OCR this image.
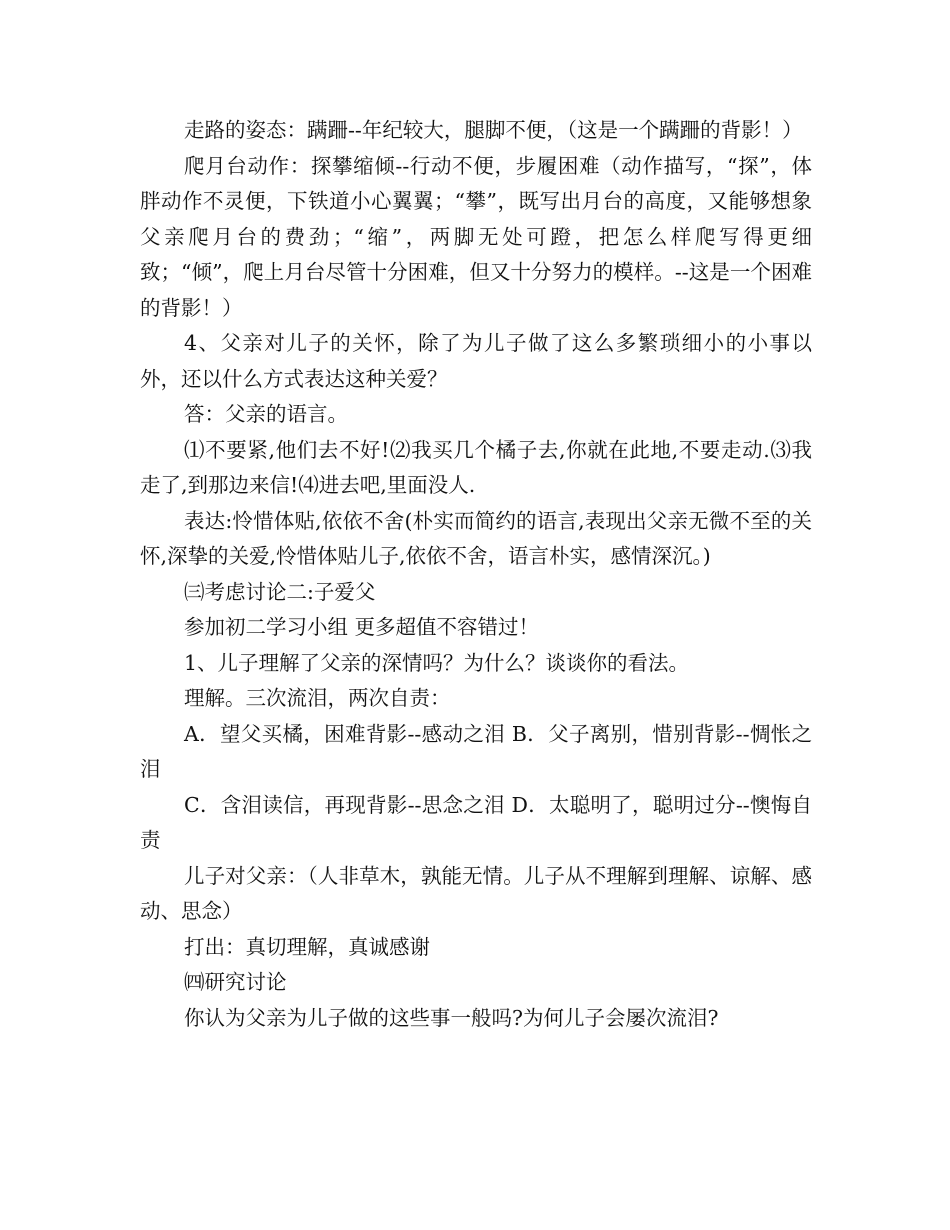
走路的姿态：蹒跚--年纪较大，腿脚不便，（这是一个蹒跚的背影！）

爬月台动作：探攀缩倾--行动不便，步履困难（动作描写，“探”，体胖动作不灵便，下铁道小心翼翼；“攀”，既写出月台的高度，又能够想象父亲爬月台的费劲；“缩”，两脚无处可蹬，把怎么样爬写得更细致；“倾”，爬上月台尽管十分困难，但又十分努力的模样。--这是一个困难的背影！）

4、父亲对儿子的关怀，除了为儿子做了这么多繁琐细小的小事以外，还以什么方式表达这种关爱？

答：父亲的语言。

⑴不要紧,他们去不好!⑵我买几个橘子去,你就在此地,不要走动.⑶我走了,到那边来信!⑷进去吧,里面没人.

表达:怜惜体贴,依依不舍(朴实而简约的语言,表现出父亲无微不至的关怀,深挚的关爱,怜惜体贴儿子,依依不舍，语言朴实，感情深沉。)

㈢考虑讨论二:子爱父

参加初二学习小组 更多超值不容错过！

1、儿子理解了父亲的深情吗？为什么？谈谈你的看法。

理解。三次流泪，两次自责：

A．望父买橘，困难背影--感动之泪 B．父子离别，惜别背影--惆怅之泪

C．含泪读信，再现背影--思念之泪 D．太聪明了，聪明过分--懊悔自责

儿子对父亲：（人非草木，孰能无情。儿子从不理解到理解、谅解、感动、思念）

打出：真切理解，真诚感谢

㈣研究讨论

你认为父亲为儿子做的这些事一般吗?为何儿子会屡次流泪?
